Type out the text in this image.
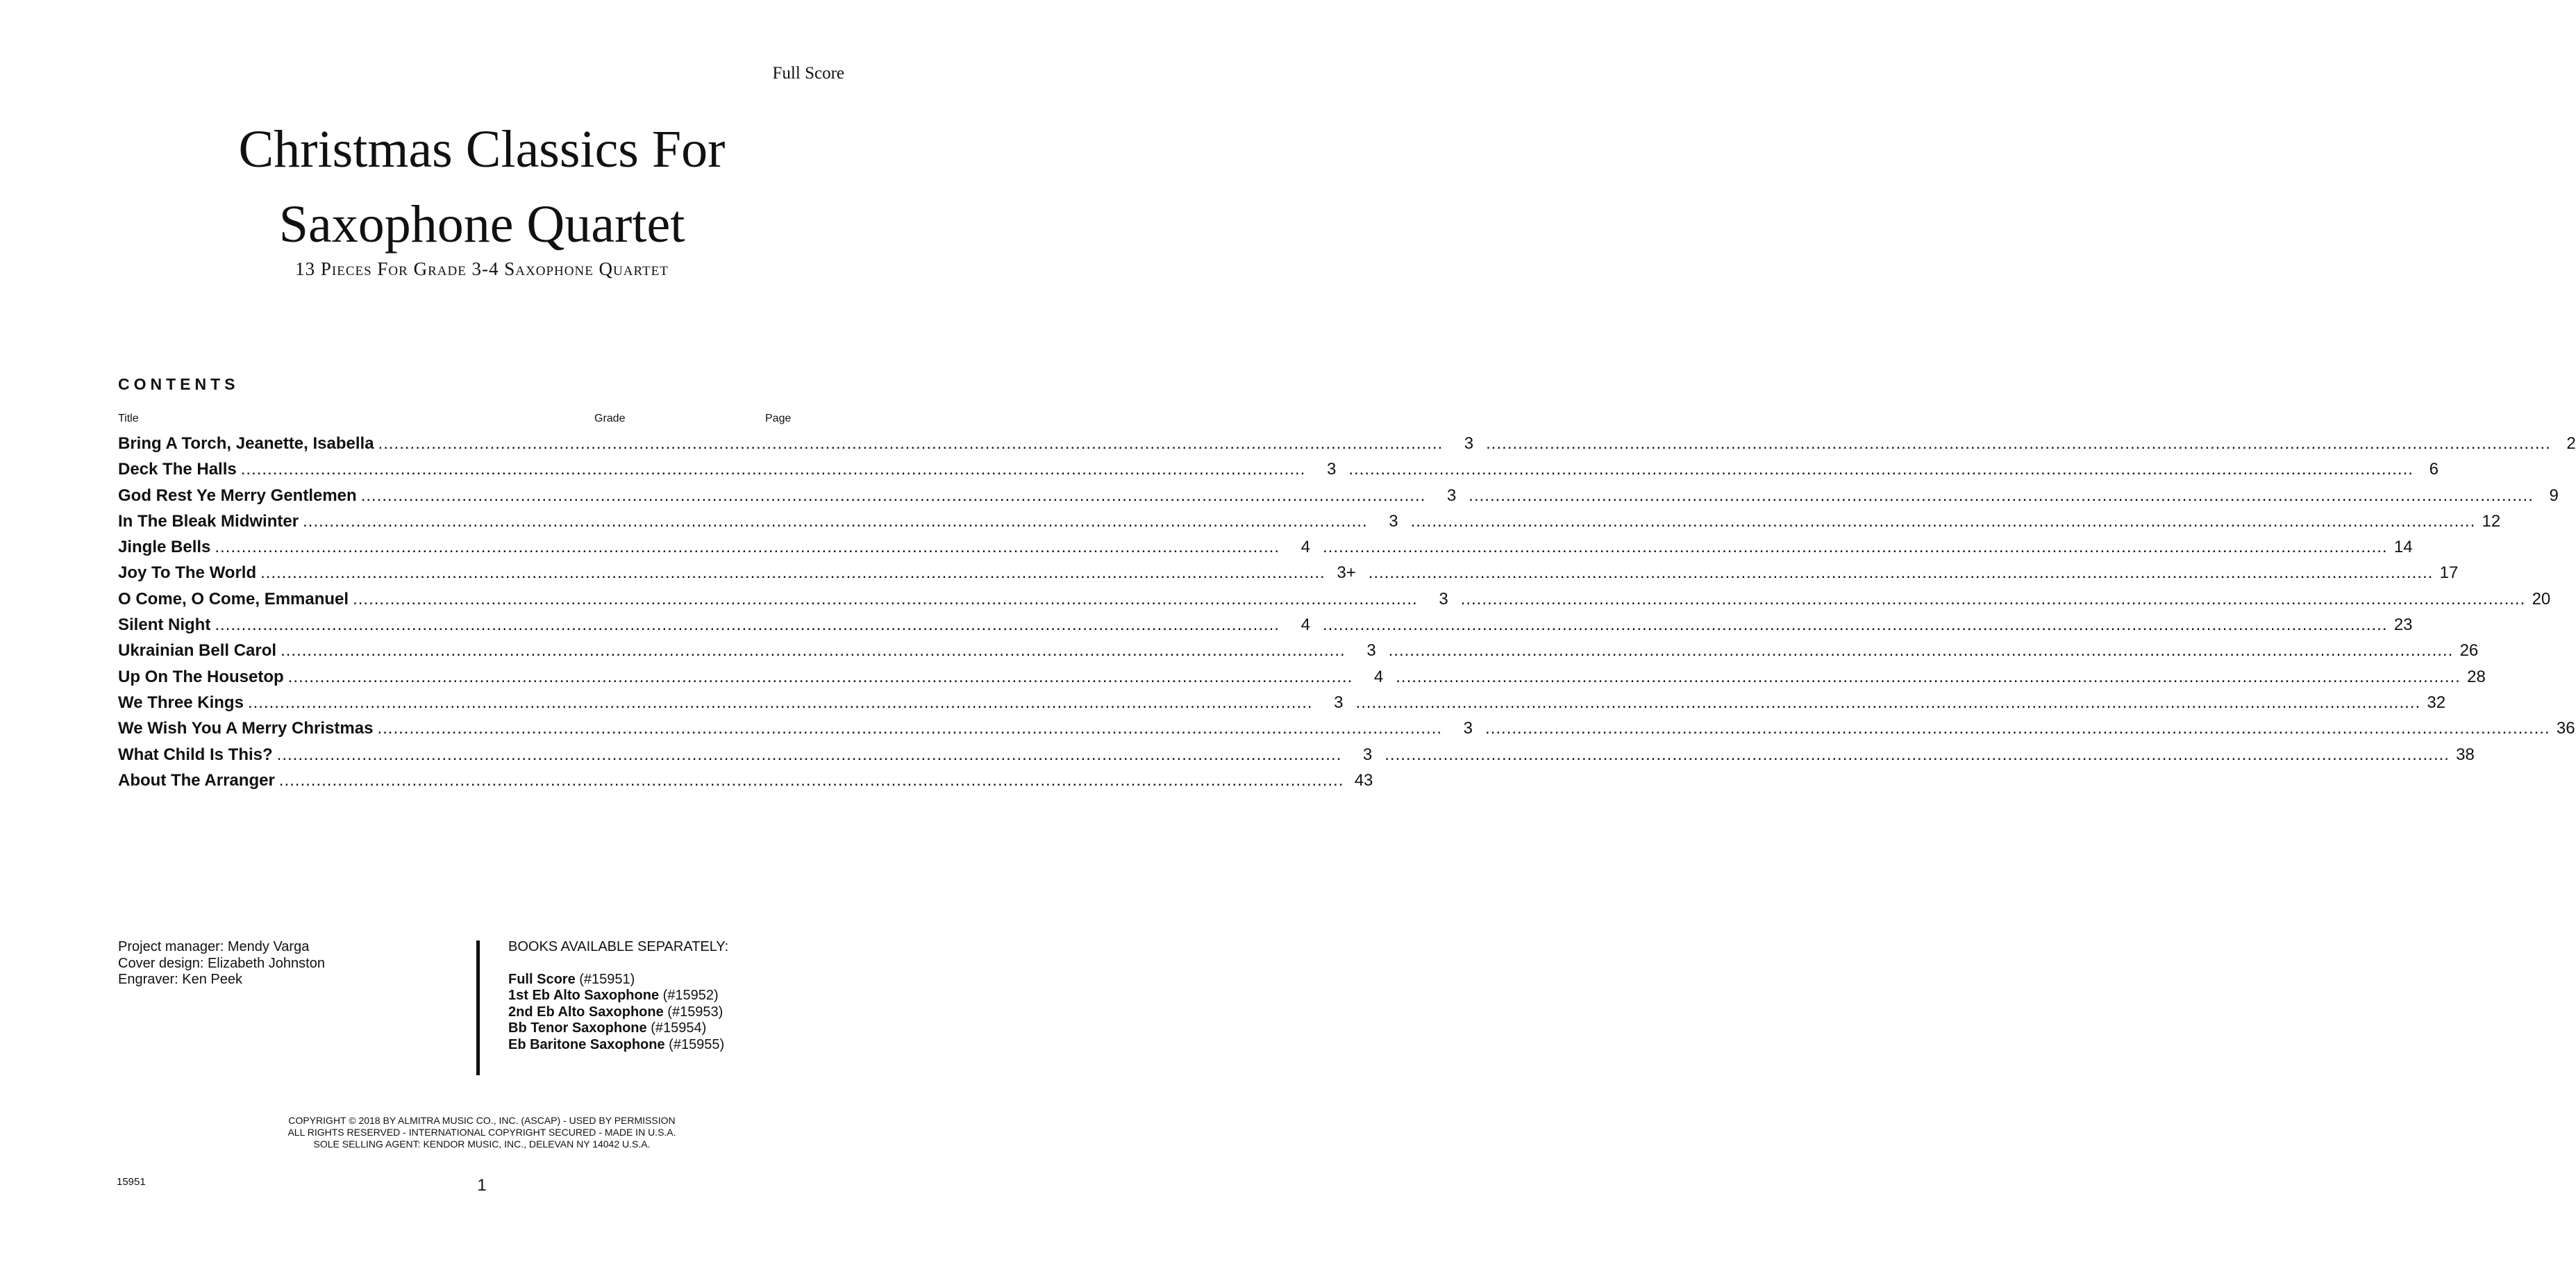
Full Score
Christmas Classics For
Saxophone Quartet
13 Pieces For Grade 3-4 Saxophone Quartet
CONTENTS
Title	Grade	Page
Bring A Torch, Jeanette, Isabella ........................................................................................................................................................................................................	3 ........................................................................................................................................................................................................ 2
Deck The Halls ........................................................................................................................................................................................................	3 ........................................................................................................................................................................................................ 6
God Rest Ye Merry Gentlemen ........................................................................................................................................................................................................	3 ........................................................................................................................................................................................................ 9
In The Bleak Midwinter ........................................................................................................................................................................................................	3 ........................................................................................................................................................................................................ 12
Jingle Bells ........................................................................................................................................................................................................	4 ........................................................................................................................................................................................................ 14
Joy To The World ........................................................................................................................................................................................................ 3+ ........................................................................................................................................................................................................ 17
O Come, O Come, Emmanuel ........................................................................................................................................................................................................	3 ........................................................................................................................................................................................................ 20
Silent Night ........................................................................................................................................................................................................	4 ........................................................................................................................................................................................................ 23
Ukrainian Bell Carol ........................................................................................................................................................................................................	3 ........................................................................................................................................................................................................ 26
Up On The Housetop ........................................................................................................................................................................................................	4 ........................................................................................................................................................................................................ 28
We Three Kings ........................................................................................................................................................................................................	3 ........................................................................................................................................................................................................ 32
We Wish You A Merry Christmas ........................................................................................................................................................................................................	3 ........................................................................................................................................................................................................ 36
What Child Is This? ........................................................................................................................................................................................................	3 ........................................................................................................................................................................................................ 38
About The Arranger ........................................................................................................................................................................................................ 43
Project manager: Mendy Varga
Cover design: Elizabeth Johnston
Engraver: Ken Peek
BOOKS AVAILABLE SEPARATELY:
Full Score (#15951)
1st Eb Alto Saxophone (#15952)
2nd Eb Alto Saxophone (#15953)
Bb Tenor Saxophone (#15954)
Eb Baritone Saxophone (#15955)
COPYRIGHT © 2018 BY ALMITRA MUSIC CO., INC. (ASCAP) - USED BY PERMISSION
ALL RIGHTS RESERVED - INTERNATIONAL COPYRIGHT SECURED - MADE IN U.S.A.
SOLE SELLING AGENT: KENDOR MUSIC, INC., DELEVAN NY 14042 U.S.A.
15951	1
